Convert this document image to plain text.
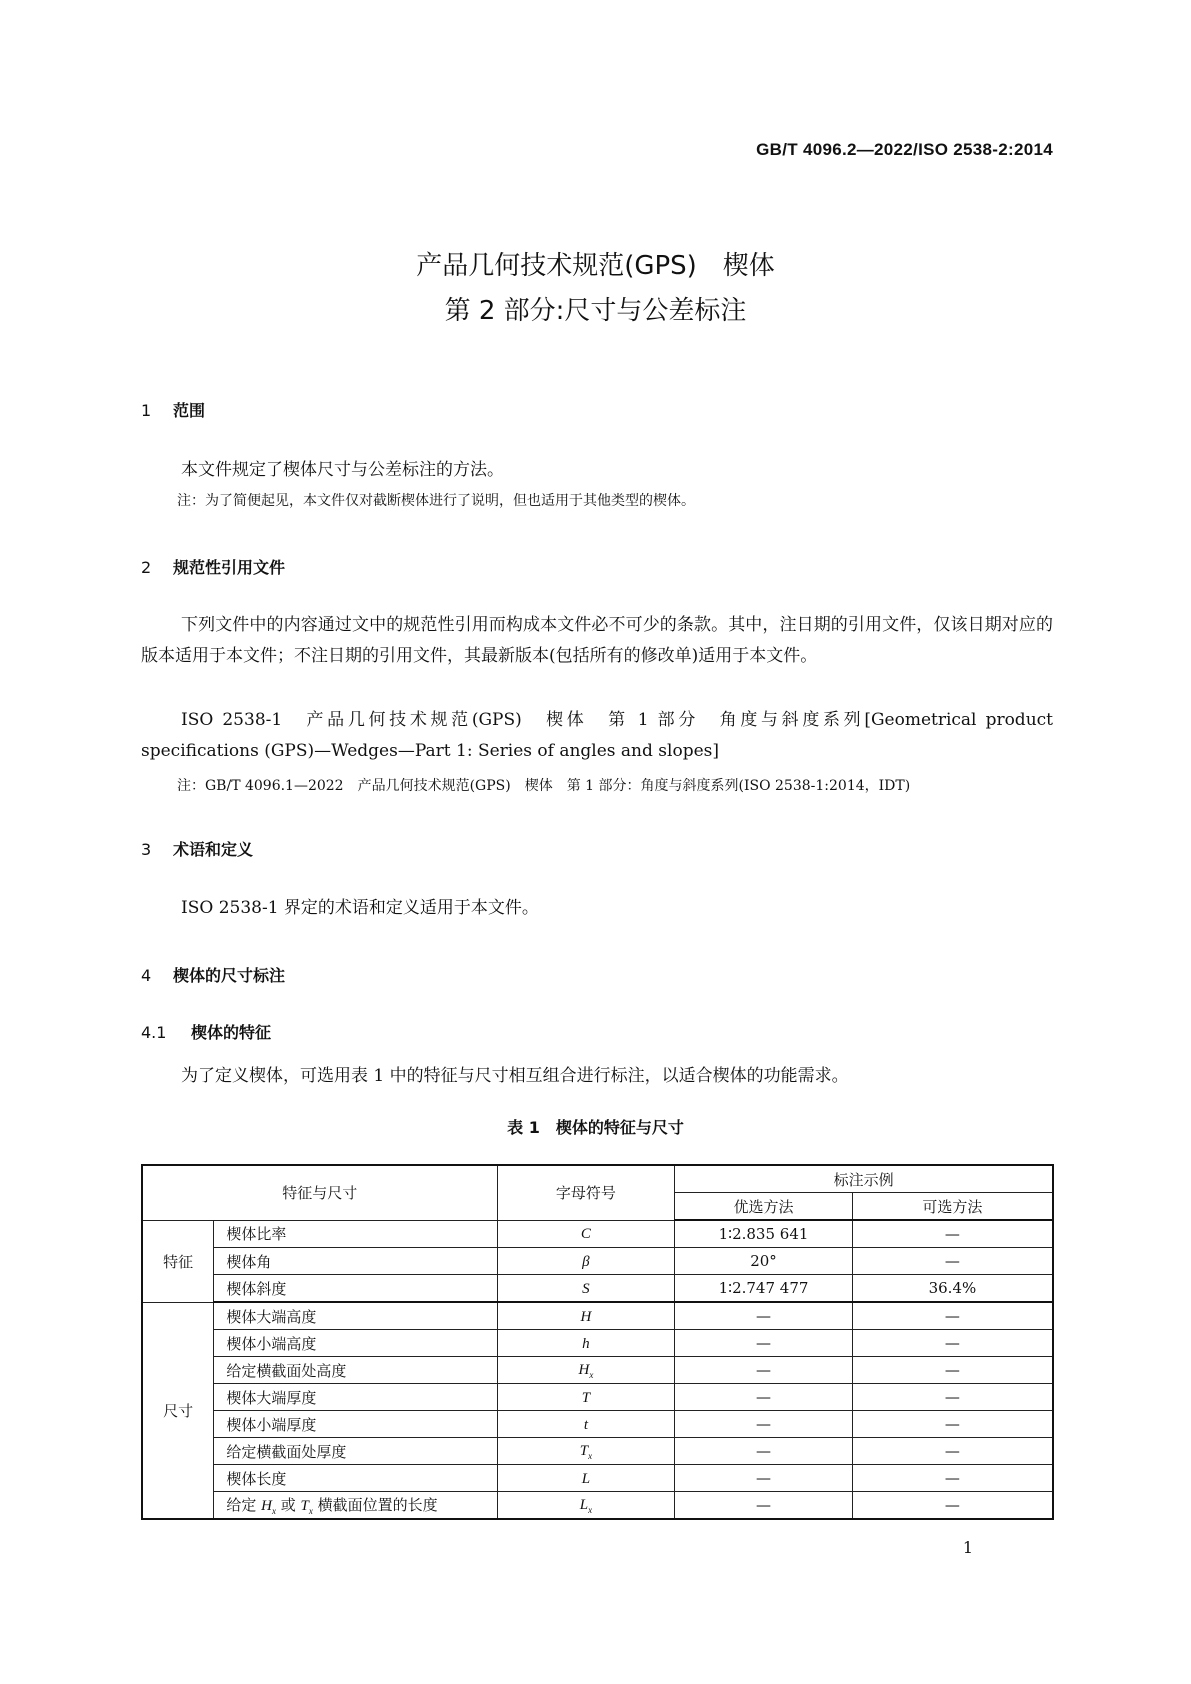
GB/T 4096.2—2022/ISO 2538-2:2014
产品几何技术规范(GPS)　楔体
第 2 部分:尺寸与公差标注
1 范围
本文件规定了楔体尺寸与公差标注的方法。
注：为了简便起见，本文件仅对截断楔体进行了说明，但也适用于其他类型的楔体。
2 规范性引用文件
下列文件中的内容通过文中的规范性引用而构成本文件必不可少的条款。其中，注日期的引用文件，仅该日期对应的版本适用于本文件；不注日期的引用文件，其最新版本(包括所有的修改单)适用于本文件。
ISO 2538-1　产品几何技术规范(GPS)　楔体　第 1 部分　角度与斜度系列[Geometrical product specifications (GPS)—Wedges—Part 1: Series of angles and slopes]
注：GB/T 4096.1—2022　产品几何技术规范(GPS)　楔体　第 1 部分：角度与斜度系列(ISO 2538-1:2014，IDT)
3 术语和定义
ISO 2538-1 界定的术语和定义适用于本文件。
4 楔体的尺寸标注
4.1 楔体的特征
为了定义楔体，可选用表 1 中的特征与尺寸相互组合进行标注，以适合楔体的功能需求。
表 1　楔体的特征与尺寸
特征与尺寸		字母符号	标注示例	
			优选方法	可选方法
特征	楔体比率	C	1∶2.835 641	—
	楔体角	β	20°	—
	楔体斜度	S	1∶2.747 477	36.4%
尺寸	楔体大端高度	H	—	—
	楔体小端高度	h	—	—
	给定横截面处高度	$H_x$	—	—
	楔体大端厚度	T	—	—
	楔体小端厚度	t	—	—
	给定横截面处厚度	$T_x$	—	—
	楔体长度	L	—	—
	给定 $H_x$ 或 $T_x$ 横截面位置的长度	$L_x$	—	—
1
